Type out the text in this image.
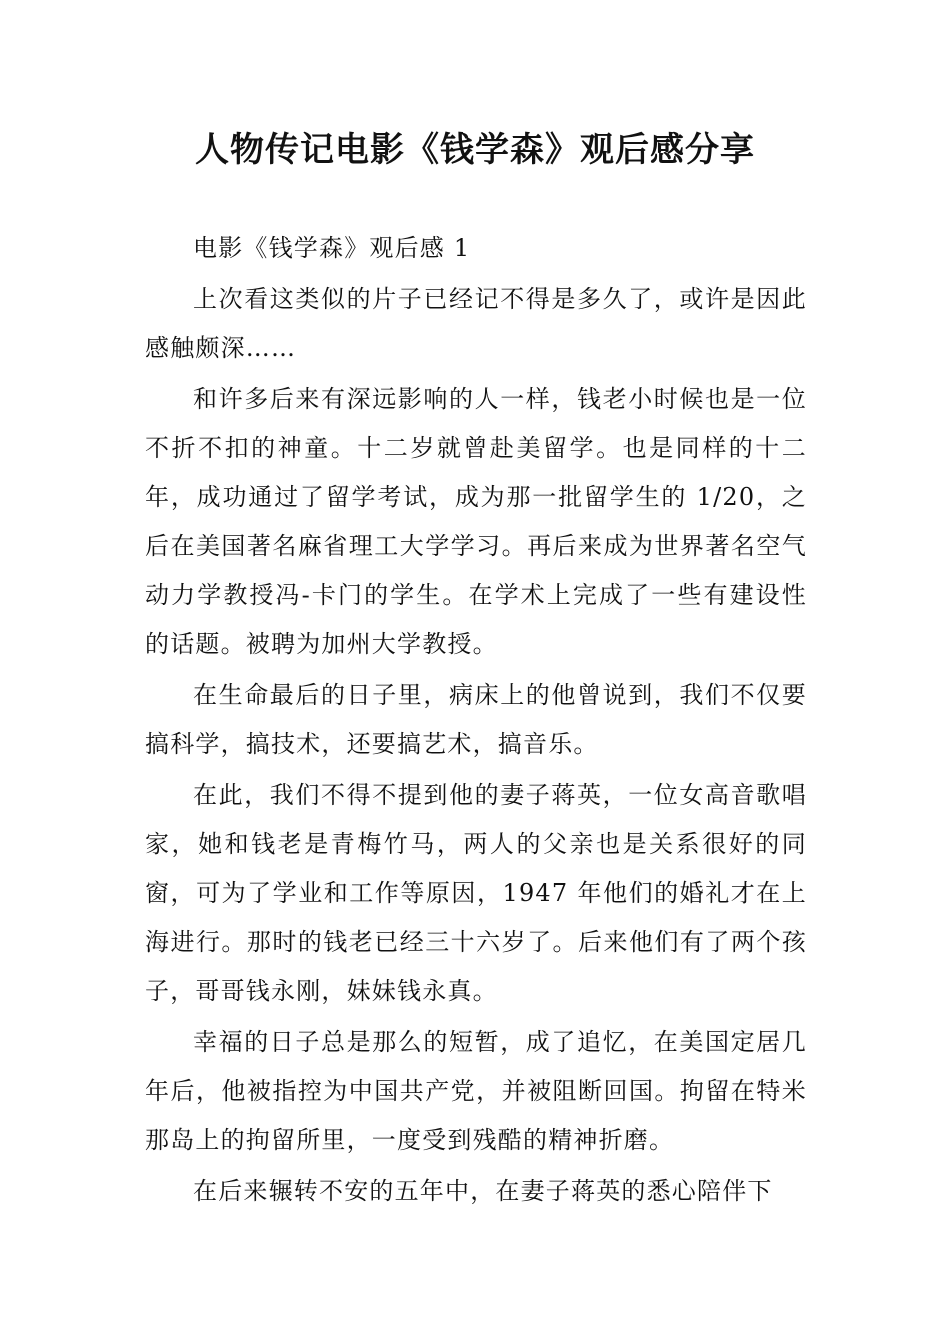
人物传记电影《钱学森》观后感分享

电影《钱学森》观后感 1

上次看这类似的片子已经记不得是多久了，或许是因此感触颇深……

和许多后来有深远影响的人一样，钱老小时候也是一位不折不扣的神童。十二岁就曾赴美留学。也是同样的十二年，成功通过了留学考试，成为那一批留学生的 1/20，之后在美国著名麻省理工大学学习。再后来成为世界著名空气动力学教授冯-卡门的学生。在学术上完成了一些有建设性的话题。被聘为加州大学教授。

在生命最后的日子里，病床上的他曾说到，我们不仅要搞科学，搞技术，还要搞艺术，搞音乐。

在此，我们不得不提到他的妻子蒋英，一位女高音歌唱家，她和钱老是青梅竹马，两人的父亲也是关系很好的同窗，可为了学业和工作等原因，1947 年他们的婚礼才在上海进行。那时的钱老已经三十六岁了。后来他们有了两个孩子，哥哥钱永刚，妹妹钱永真。

幸福的日子总是那么的短暂，成了追忆，在美国定居几年后，他被指控为中国共产党，并被阻断回国。拘留在特米那岛上的拘留所里，一度受到残酷的精神折磨。

在后来辗转不安的五年中，在妻子蒋英的悉心陪伴下
